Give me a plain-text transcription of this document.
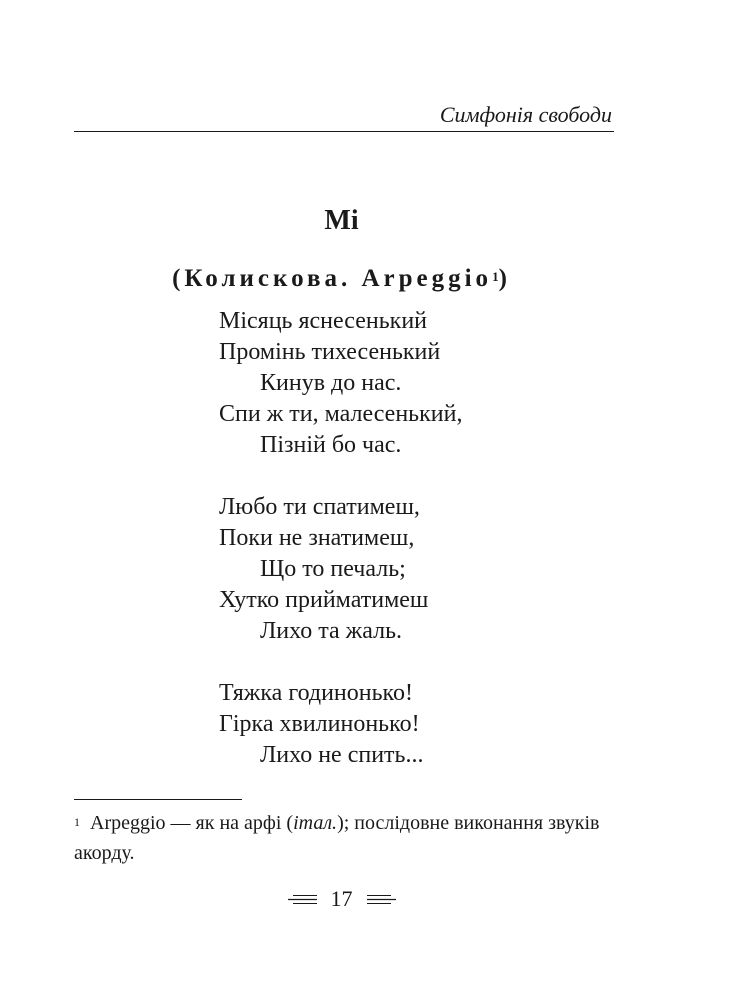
Симфонія свободи
Мі
(Колискова. Arpeggio$^1$)
Місяць яснесенький
Промінь тихесенький
Кинув до нас.
Спи ж ти, малесенький,
Пізній бо час.
Любо ти спатимеш,
Поки не знатимеш,
Що то печаль;
Хутко прийматимеш
Лихо та жаль.
Тяжка годинонько!
Гірка хвилинонько!
Лихо не спить...
$^1$ Arpeggio — як на арфі (італ.); послідовне виконання звуків акорду.
17
